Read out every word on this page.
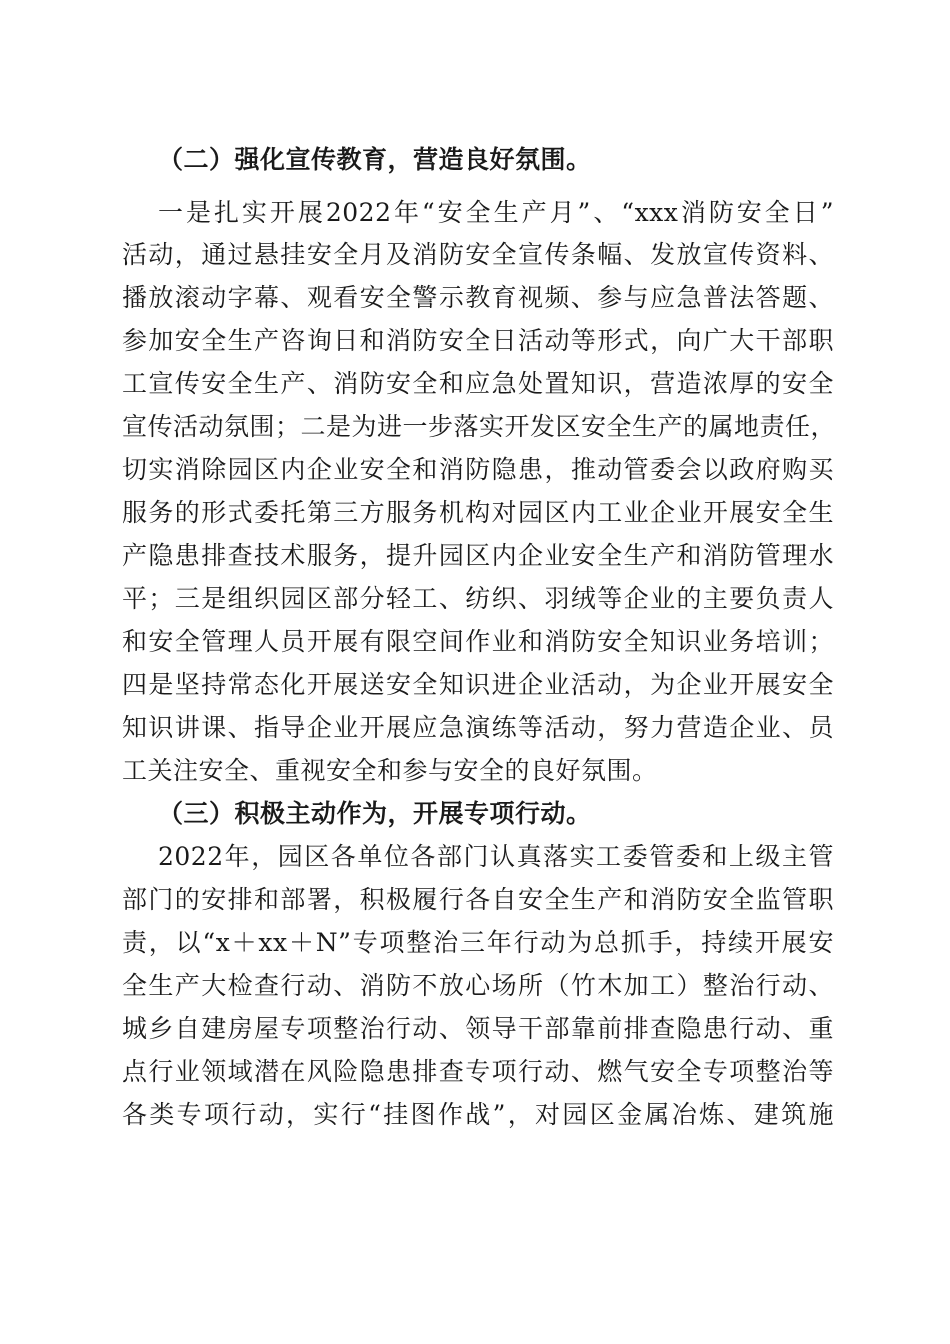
（二）强化宣传教育，营造良好氛围。
一是扎实开展2022年“安全生产月”、“xxx消防安全日”
活动，通过悬挂安全月及消防安全宣传条幅、发放宣传资料、
播放滚动字幕、观看安全警示教育视频、参与应急普法答题、
参加安全生产咨询日和消防安全日活动等形式，向广大干部职
工宣传安全生产、消防安全和应急处置知识，营造浓厚的安全
宣传活动氛围；二是为进一步落实开发区安全生产的属地责任，
切实消除园区内企业安全和消防隐患，推动管委会以政府购买
服务的形式委托第三方服务机构对园区内工业企业开展安全生
产隐患排查技术服务，提升园区内企业安全生产和消防管理水
平；三是组织园区部分轻工、纺织、羽绒等企业的主要负责人
和安全管理人员开展有限空间作业和消防安全知识业务培训；
四是坚持常态化开展送安全知识进企业活动，为企业开展安全
知识讲课、指导企业开展应急演练等活动，努力营造企业、员
工关注安全、重视安全和参与安全的良好氛围。
（三）积极主动作为，开展专项行动。
2022年，园区各单位各部门认真落实工委管委和上级主管
部门的安排和部署，积极履行各自安全生产和消防安全监管职
责，以“x＋xx＋N”专项整治三年行动为总抓手，持续开展安
全生产大检查行动、消防不放心场所（竹木加工）整治行动、
城乡自建房屋专项整治行动、领导干部靠前排查隐患行动、重
点行业领域潜在风险隐患排查专项行动、燃气安全专项整治等
各类专项行动，实行“挂图作战”，对园区金属冶炼、建筑施
